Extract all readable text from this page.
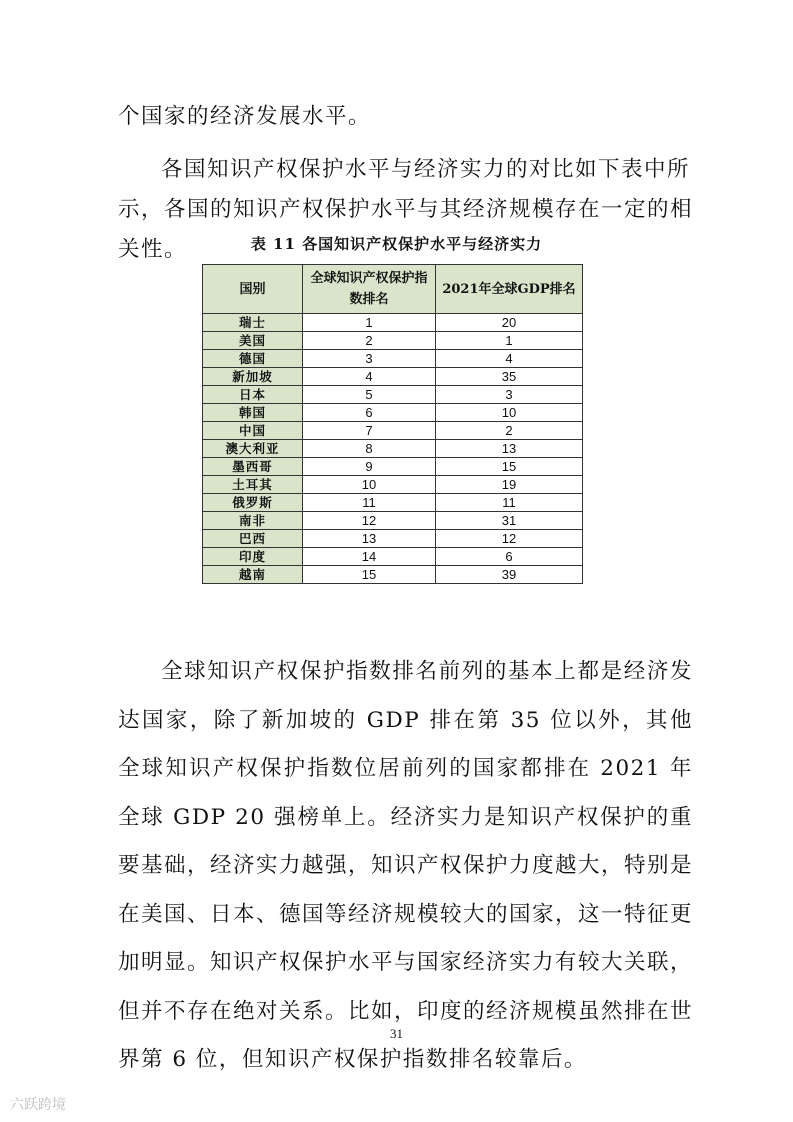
个国家的经济发展水平。

各国知识产权保护水平与经济实力的对比如下表中所示，各国的知识产权保护水平与其经济规模存在一定的相关性。	表 11 各国知识产权保护水平与经济实力
国别	全球知识产权保护指数排名	2021年全球GDP排名
瑞士	1	20
美国	2	1
德国	3	4
新加坡	4	35
日本	5	3
韩国	6	10
中国	7	2
澳大利亚	8	13
墨西哥	9	15
土耳其	10	19
俄罗斯	11	11
南非	12	31
巴西	13	12
印度	14	6
越南	15	39

全球知识产权保护指数排名前列的基本上都是经济发达国家，除了新加坡的 GDP 排在第 35 位以外，其他全球知识产权保护指数位居前列的国家都排在 2021 年全球 GDP 20 强榜单上。经济实力是知识产权保护的重要基础，经济实力越强，知识产权保护力度越大，特别是在美国、日本、德国等经济规模较大的国家，这一特征更加明显。知识产权保护水平与国家经济实力有较大关联，但并不存在绝对关系。比如，印度的经济规模虽然排在世界第 6 位，但知识产权保护指数排名较靠后。

31
六跃跨境
